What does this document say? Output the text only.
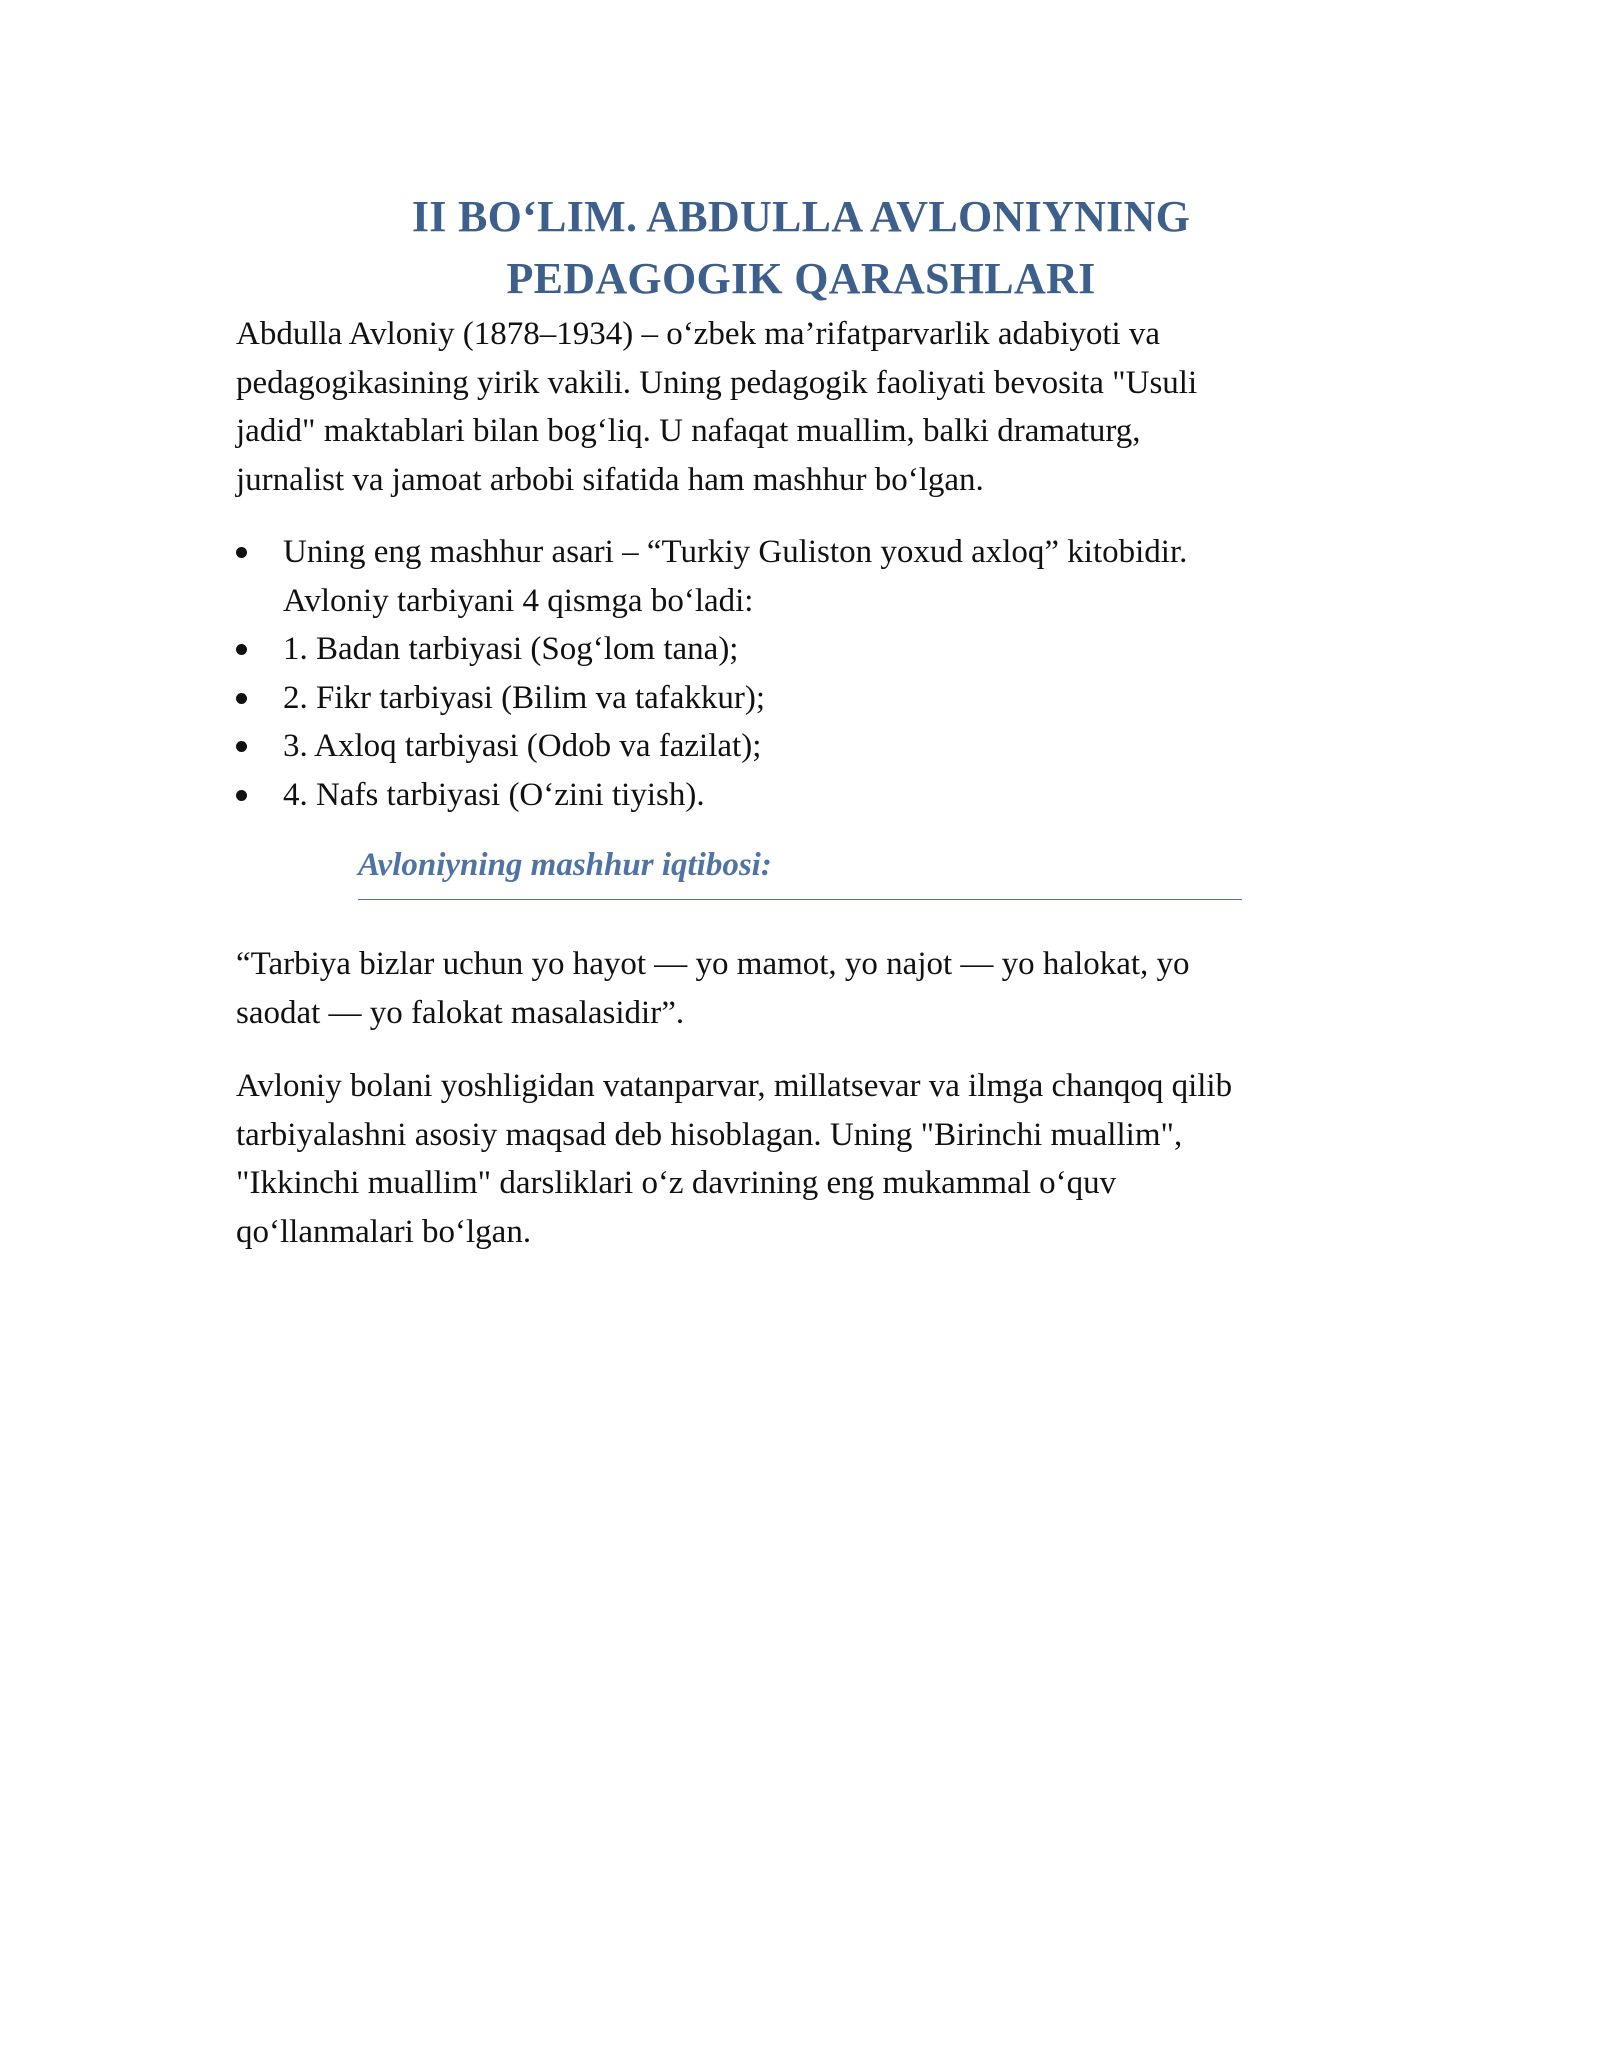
II BO‘LIM. ABDULLA AVLONIYNING
PEDAGOGIK QARASHLARI

Abdulla Avloniy (1878–1934) – o‘zbek ma’rifatparvarlik adabiyoti va
pedagogikasining yirik vakili. Uning pedagogik faoliyati bevosita "Usuli
jadid" maktablari bilan bog‘liq. U nafaqat muallim, balki dramaturg,
jurnalist va jamoat arbobi sifatida ham mashhur bo‘lgan.

Uning eng mashhur asari – “Turkiy Guliston yoxud axloq” kitobidir.
Avloniy tarbiyani 4 qismga bo‘ladi:
1. Badan tarbiyasi (Sog‘lom tana);
2. Fikr tarbiyasi (Bilim va tafakkur);
3. Axloq tarbiyasi (Odob va fazilat);
4. Nafs tarbiyasi (O‘zini tiyish).
Avloniyning mashhur iqtibosi:

“Tarbiya bizlar uchun yo hayot — yo mamot, yo najot — yo halokat, yo
saodat — yo falokat masalasidir”.

Avloniy bolani yoshligidan vatanparvar, millatsevar va ilmga chanqoq qilib
tarbiyalashni asosiy maqsad deb hisoblagan. Uning "Birinchi muallim",
"Ikkinchi muallim" darsliklari o‘z davrining eng mukammal o‘quv
qo‘llanmalari bo‘lgan.
